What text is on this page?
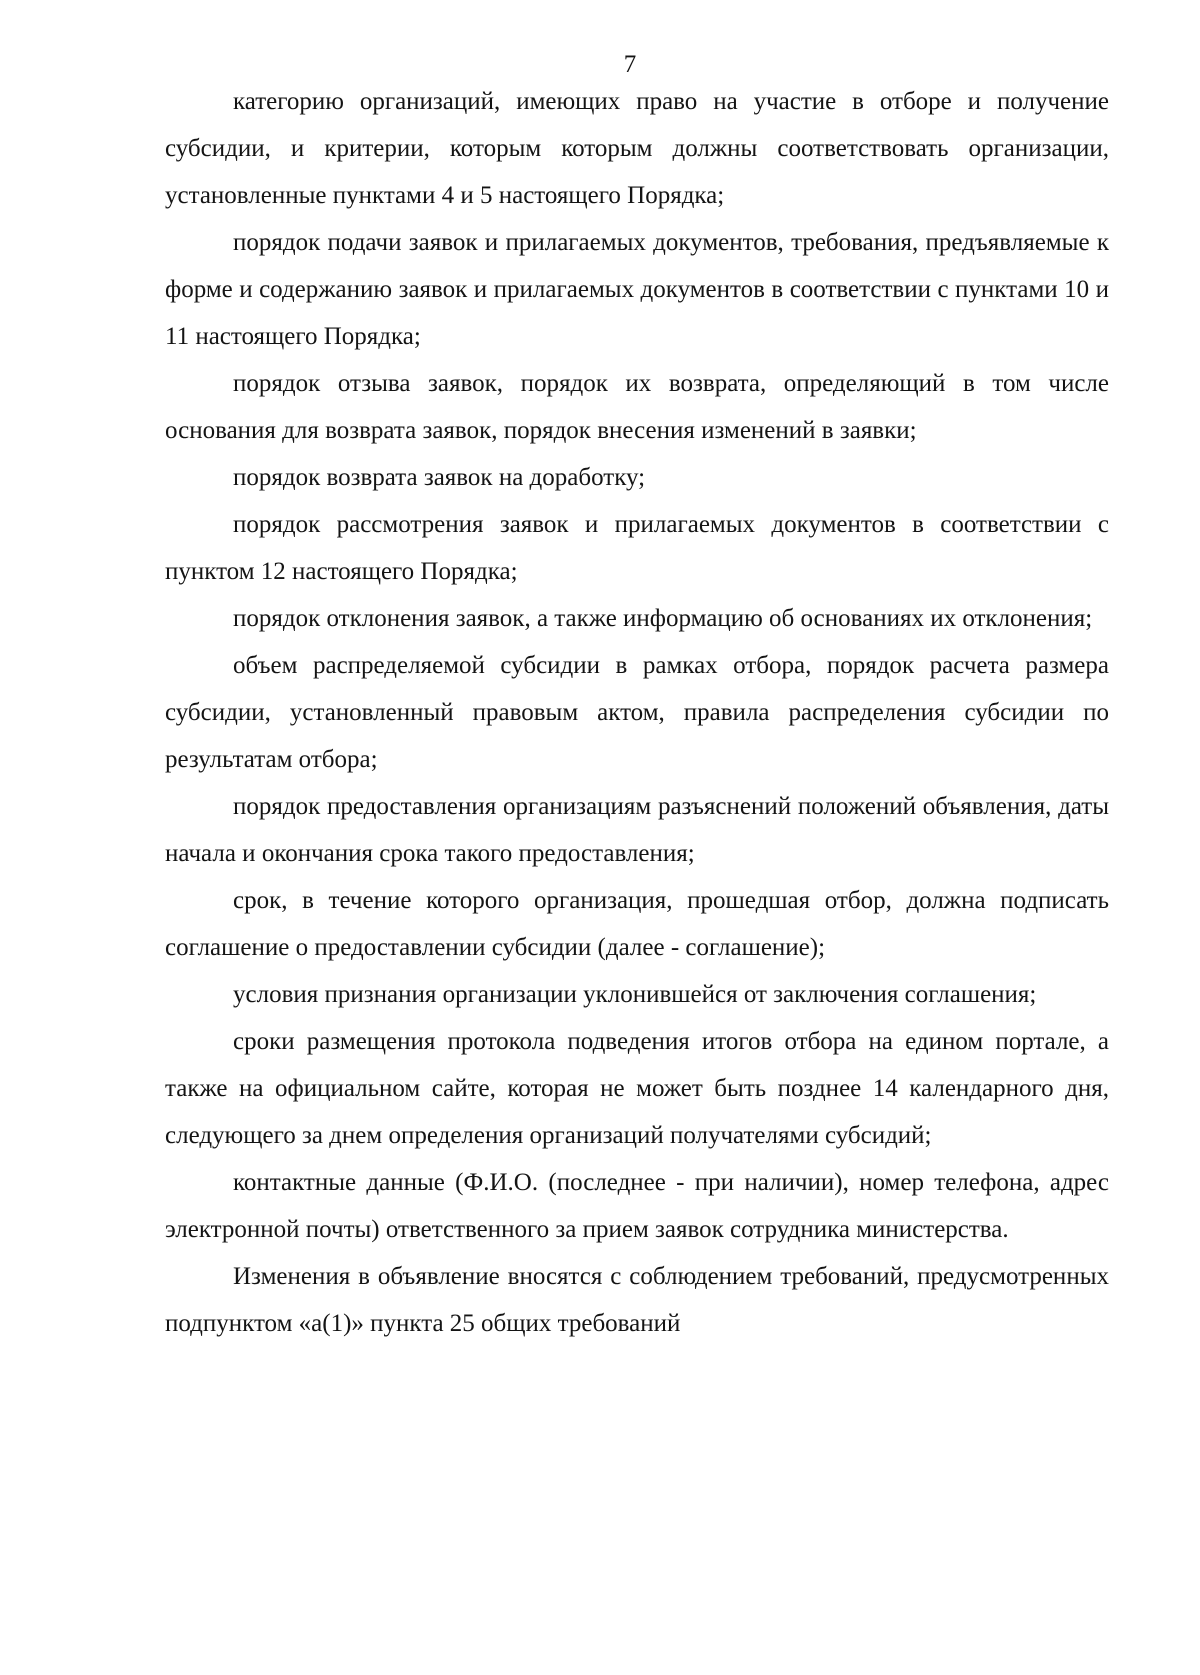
7

категорию организаций, имеющих право на участие в отборе и получение субсидии, и критерии, которым которым должны соответствовать организации, установленные пунктами 4 и 5 настоящего Порядка;

порядок подачи заявок и прилагаемых документов, требования, предъявляемые к форме и содержанию заявок и прилагаемых документов в соответствии с пунктами 10 и 11 настоящего Порядка;

порядок отзыва заявок, порядок их возврата, определяющий в том числе основания для возврата заявок, порядок внесения изменений в заявки;

порядок возврата заявок на доработку;

порядок рассмотрения заявок и прилагаемых документов в соответствии с пунктом 12 настоящего Порядка;

порядок отклонения заявок, а также информацию об основаниях их отклонения;

объем распределяемой субсидии в рамках отбора, порядок расчета размера субсидии, установленный правовым актом, правила распределения субсидии по результатам отбора;

порядок предоставления организациям разъяснений положений объявления, даты начала и окончания срока такого предоставления;

срок, в течение которого организация, прошедшая отбор, должна подписать соглашение о предоставлении субсидии (далее - соглашение);

условия признания организации уклонившейся от заключения соглашения;

сроки размещения протокола подведения итогов отбора на едином портале, а также на официальном сайте, которая не может быть позднее 14 календарного дня, следующего за днем определения организаций получателями субсидий;

контактные данные (Ф.И.О. (последнее - при наличии), номер телефона, адрес электронной почты) ответственного за прием заявок сотрудника министерства.

Изменения в объявление вносятся с соблюдением требований, предусмотренных подпунктом «а(1)» пункта 25 общих требований
